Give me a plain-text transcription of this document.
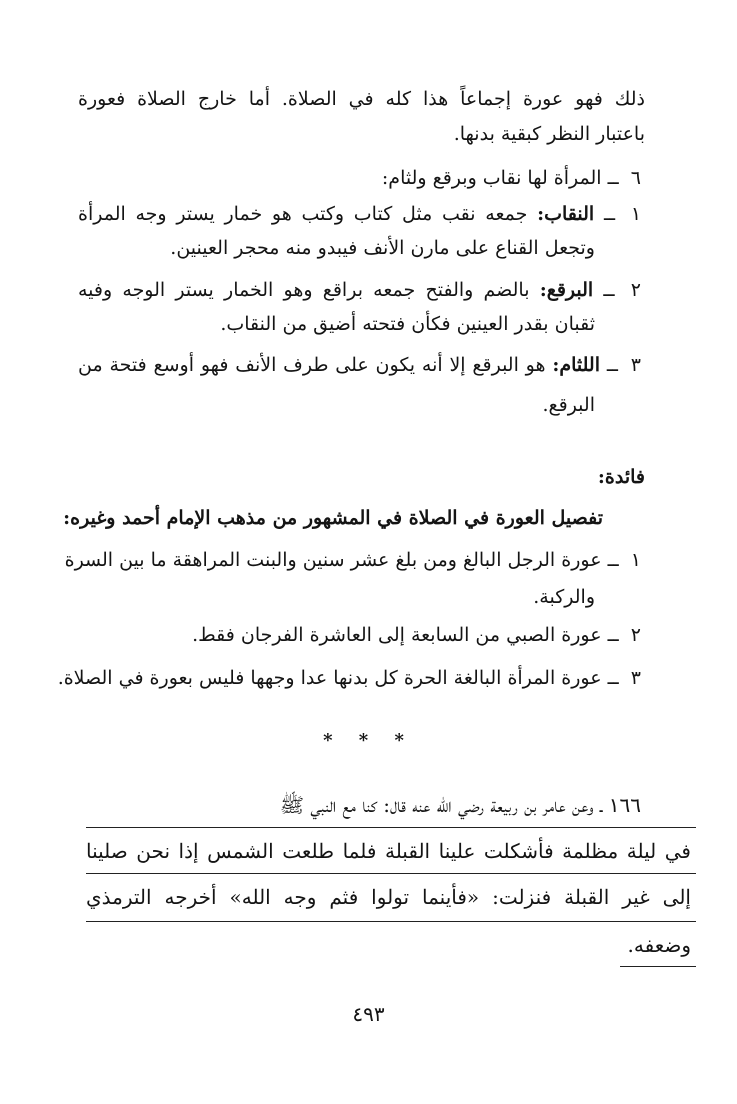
ذلك فهو عورة إجماعاً هذا كله في الصلاة. أما خارج الصلاة فعورة
باعتبار النظر كبقية بدنها.
٦ ــ المرأة لها نقاب وبرقع ولثام:
١ ــ النقاب: جمعه نقب مثل كتاب وكتب هو خمار يستر وجه المرأة
وتجعل القناع على مارن الأنف فيبدو منه محجر العينين.
٢ ــ البرقع: بالضم والفتح جمعه براقع وهو الخمار يستر الوجه وفيه
ثقبان بقدر العينين فكأن فتحته أضيق من النقاب.
٣ ــ اللثام: هو البرقع إلا أنه يكون على طرف الأنف فهو أوسع فتحة من
البرقع.
فائدة:
تفصيل العورة في الصلاة في المشهور من مذهب الإمام أحمد وغيره:
١ ــ عورة الرجل البالغ ومن بلغ عشر سنين والبنت المراهقة ما بين السرة
والركبة.
٢ ــ عورة الصبي من السابعة إلى العاشرة الفرجان فقط.
٣ ــ عورة المرأة البالغة الحرة كل بدنها عدا وجهها فليس بعورة في الصلاة.
* * *
١٦٦ ـ وعن عامر بن ربيعة رضي الله عنه قال: كنا مع النبي ﷺ
في ليلة مظلمة فأشكلت علينا القبلة فلما طلعت الشمس إذا نحن صلينا
إلى غير القبلة فنزلت: «فأينما تولوا فثم وجه الله» أخرجه الترمذي
وضعفه.
٤٩٣
